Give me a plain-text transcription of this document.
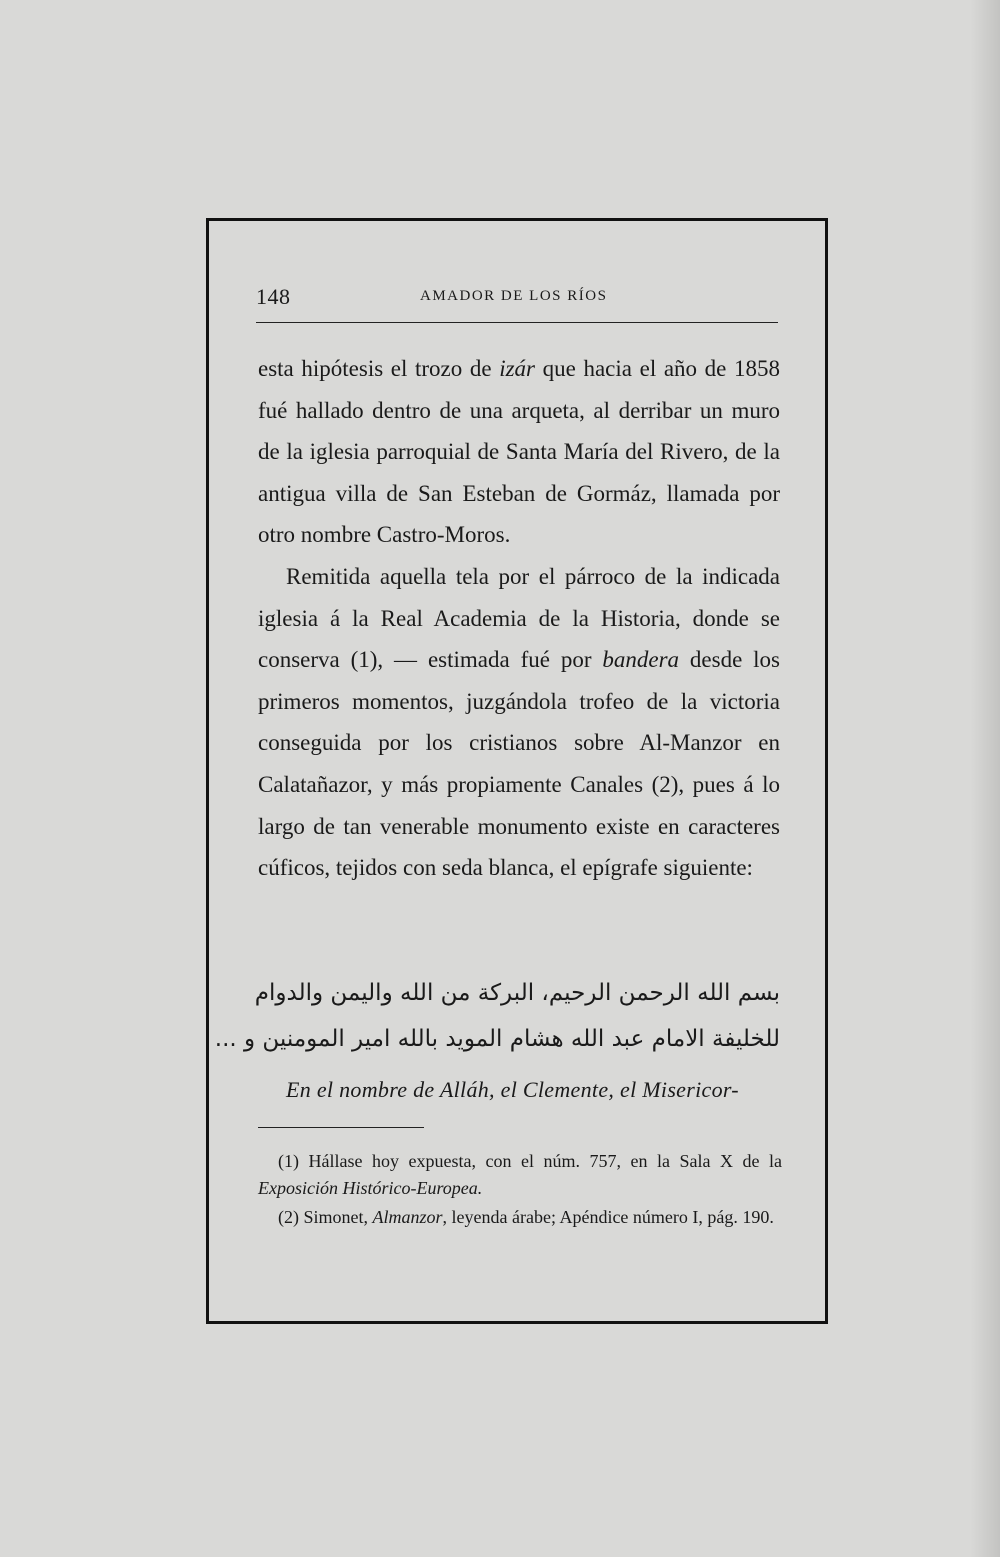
148	AMADOR DE LOS RÍOS

esta hipótesis el trozo de izár que hacia el año de 1858 fué hallado dentro de una arqueta, al derribar un muro de la iglesia parroquial de Santa María del Rivero, de la antigua villa de San Esteban de Gormáz, llamada por otro nombre Castro-Moros.

Remitida aquella tela por el párroco de la indicada iglesia á la Real Academia de la Historia, donde se conserva (1), — estimada fué por bandera desde los primeros momentos, juzgándola trofeo de la victoria conseguida por los cristianos sobre Al-Manzor en Calatañazor, y más propiamente Canales (2), pues á lo largo de tan venerable monumento existe en caracteres cúficos, tejidos con seda blanca, el epígrafe siguiente:

بسم الله الرحمن الرحيم، البركة من الله واليمن والدوام
للخليفة الامام عبد الله هشام المويد بالله امير المومنين و ...
En el nombre de Alláh, el Clemente, el Misericor-

(1) Hállase hoy expuesta, con el núm. 757, en la Sala X de la Exposición Histórico-Europea.

(2) Simonet, Almanzor, leyenda árabe; Apéndice número I, pág. 190.
